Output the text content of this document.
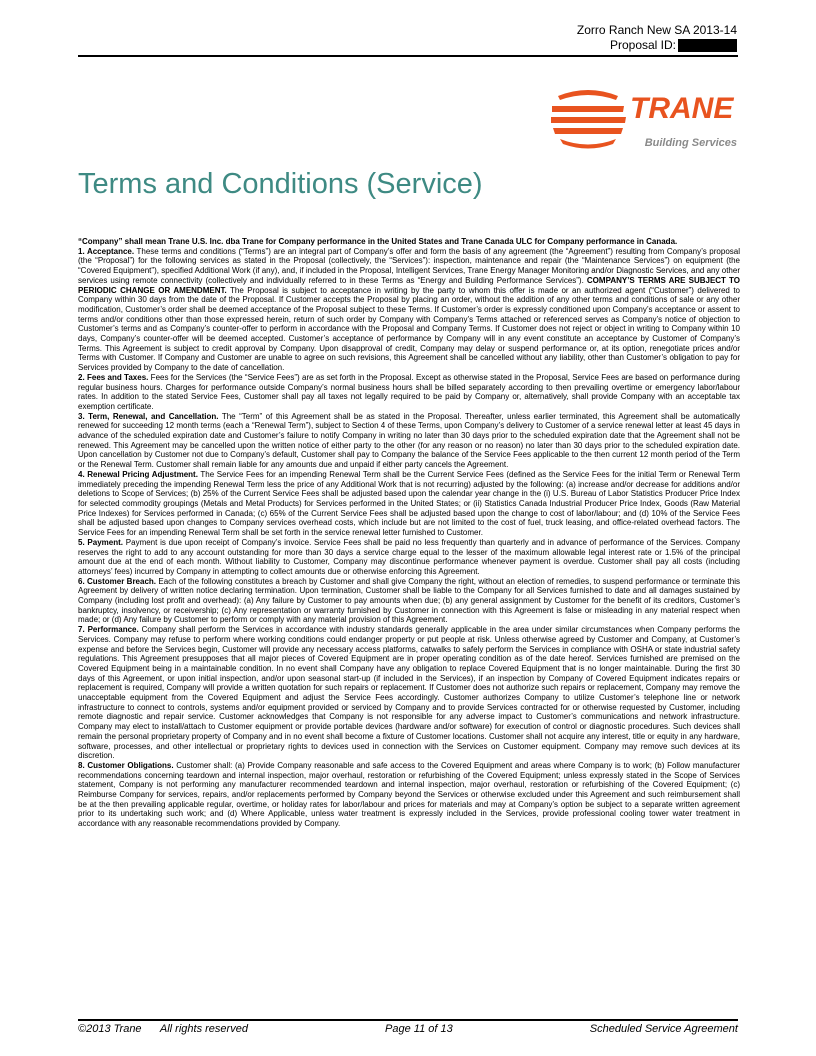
Zorro Ranch New SA 2013-14
Proposal ID:
TRANE
Building Services
Terms and Conditions (Service)

“Company” shall mean Trane U.S. Inc. dba Trane for Company performance in the United States and Trane Canada ULC for Company performance in Canada.

1. Acceptance. These terms and conditions (“Terms”) are an integral part of Company’s offer and form the basis of any agreement (the “Agreement”) resulting from Company’s proposal (the “Proposal”) for the following services as stated in the Proposal (collectively, the “Services”): inspection, maintenance and repair (the “Maintenance Services”) on equipment (the “Covered Equipment”), specified Additional Work (if any), and, if included in the Proposal, Intelligent Services, Trane Energy Manager Monitoring and/or Diagnostic Services, and any other services using remote connectivity (collectively and individually referred to in these Terms as “Energy and Building Performance Services”). COMPANY’S TERMS ARE SUBJECT TO PERIODIC CHANGE OR AMENDMENT. The Proposal is subject to acceptance in writing by the party to whom this offer is made or an authorized agent (“Customer”) delivered to Company within 30 days from the date of the Proposal. If Customer accepts the Proposal by placing an order, without the addition of any other terms and conditions of sale or any other modification, Customer’s order shall be deemed acceptance of the Proposal subject to these Terms. If Customer’s order is expressly conditioned upon Company’s acceptance or assent to terms and/or conditions other than those expressed herein, return of such order by Company with Company’s Terms attached or referenced serves as Company’s notice of objection to Customer’s terms and as Company’s counter-offer to perform in accordance with the Proposal and Company Terms. If Customer does not reject or object in writing to Company within 10 days, Company’s counter-offer will be deemed accepted. Customer’s acceptance of performance by Company will in any event constitute an acceptance by Customer of Company’s Terms. This Agreement is subject to credit approval by Company. Upon disapproval of credit, Company may delay or suspend performance or, at its option, renegotiate prices and/or Terms with Customer. If Company and Customer are unable to agree on such revisions, this Agreement shall be cancelled without any liability, other than Customer’s obligation to pay for Services provided by Company to the date of cancellation.

2. Fees and Taxes. Fees for the Services (the “Service Fees”) are as set forth in the Proposal. Except as otherwise stated in the Proposal, Service Fees are based on performance during regular business hours. Charges for performance outside Company’s normal business hours shall be billed separately according to then prevailing overtime or emergency labor/labour rates. In addition to the stated Service Fees, Customer shall pay all taxes not legally required to be paid by Company or, alternatively, shall provide Company with an acceptable tax exemption certificate.

3. Term, Renewal, and Cancellation. The “Term” of this Agreement shall be as stated in the Proposal. Thereafter, unless earlier terminated, this Agreement shall be automatically renewed for succeeding 12 month terms (each a “Renewal Term”), subject to Section 4 of these Terms, upon Company’s delivery to Customer of a service renewal letter at least 45 days in advance of the scheduled expiration date and Customer’s failure to notify Company in writing no later than 30 days prior to the scheduled expiration date that the Agreement shall not be renewed. This Agreement may be cancelled upon the written notice of either party to the other (for any reason or no reason) no later than 30 days prior to the scheduled expiration date. Upon cancellation by Customer not due to Company’s default, Customer shall pay to Company the balance of the Service Fees applicable to the then current 12 month period of the Term or the Renewal Term. Customer shall remain liable for any amounts due and unpaid if either party cancels the Agreement.

4. Renewal Pricing Adjustment. The Service Fees for an impending Renewal Term shall be the Current Service Fees (defined as the Service Fees for the initial Term or Renewal Term immediately preceding the impending Renewal Term less the price of any Additional Work that is not recurring) adjusted by the following: (a) increase and/or decrease for additions and/or deletions to Scope of Services; (b) 25% of the Current Service Fees shall be adjusted based upon the calendar year change in the (i) U.S. Bureau of Labor Statistics Producer Price Index for selected commodity groupings (Metals and Metal Products) for Services performed in the United States; or (ii) Statistics Canada Industrial Producer Price Index, Goods (Raw Material Price Indexes) for Services performed in Canada; (c) 65% of the Current Service Fees shall be adjusted based upon the change to cost of labor/labour; and (d) 10% of the Service Fees shall be adjusted based upon changes to Company services overhead costs, which include but are not limited to the cost of fuel, truck leasing, and office-related overhead factors. The Service Fees for an impending Renewal Term shall be set forth in the service renewal letter furnished to Customer.

5. Payment. Payment is due upon receipt of Company’s invoice. Service Fees shall be paid no less frequently than quarterly and in advance of performance of the Services. Company reserves the right to add to any account outstanding for more than 30 days a service charge equal to the lesser of the maximum allowable legal interest rate or 1.5% of the principal amount due at the end of each month. Without liability to Customer, Company may discontinue performance whenever payment is overdue. Customer shall pay all costs (including attorneys’ fees) incurred by Company in attempting to collect amounts due or otherwise enforcing this Agreement.

6. Customer Breach. Each of the following constitutes a breach by Customer and shall give Company the right, without an election of remedies, to suspend performance or terminate this Agreement by delivery of written notice declaring termination. Upon termination, Customer shall be liable to the Company for all Services furnished to date and all damages sustained by Company (including lost profit and overhead): (a) Any failure by Customer to pay amounts when due; (b) any general assignment by Customer for the benefit of its creditors, Customer’s bankruptcy, insolvency, or receivership; (c) Any representation or warranty furnished by Customer in connection with this Agreement is false or misleading in any material respect when made; or (d) Any failure by Customer to perform or comply with any material provision of this Agreement.

7. Performance. Company shall perform the Services in accordance with industry standards generally applicable in the area under similar circumstances when Company performs the Services. Company may refuse to perform where working conditions could endanger property or put people at risk. Unless otherwise agreed by Customer and Company, at Customer’s expense and before the Services begin, Customer will provide any necessary access platforms, catwalks to safely perform the Services in compliance with OSHA or state industrial safety regulations. This Agreement presupposes that all major pieces of Covered Equipment are in proper operating condition as of the date hereof. Services furnished are premised on the Covered Equipment being in a maintainable condition. In no event shall Company have any obligation to replace Covered Equipment that is no longer maintainable. During the first 30 days of this Agreement, or upon initial inspection, and/or upon seasonal start-up (if included in the Services), if an inspection by Company of Covered Equipment indicates repairs or replacement is required, Company will provide a written quotation for such repairs or replacement. If Customer does not authorize such repairs or replacement, Company may remove the unacceptable equipment from the Covered Equipment and adjust the Service Fees accordingly. Customer authorizes Company to utilize Customer’s telephone line or network infrastructure to connect to controls, systems and/or equipment provided or serviced by Company and to provide Services contracted for or otherwise requested by Customer, including remote diagnostic and repair service. Customer acknowledges that Company is not responsible for any adverse impact to Customer’s communications and network infrastructure. Company may elect to install/attach to Customer equipment or provide portable devices (hardware and/or software) for execution of control or diagnostic procedures. Such devices shall remain the personal proprietary property of Company and in no event shall become a fixture of Customer locations. Customer shall not acquire any interest, title or equity in any hardware, software, processes, and other intellectual or proprietary rights to devices used in connection with the Services on Customer equipment. Company may remove such devices at its discretion.

8. Customer Obligations. Customer shall: (a) Provide Company reasonable and safe access to the Covered Equipment and areas where Company is to work; (b) Follow manufacturer recommendations concerning teardown and internal inspection, major overhaul, restoration or refurbishing of the Covered Equipment; unless expressly stated in the Scope of Services statement, Company is not performing any manufacturer recommended teardown and internal inspection, major overhaul, restoration or refurbishing of the Covered Equipment; (c) Reimburse Company for services, repairs, and/or replacements performed by Company beyond the Services or otherwise excluded under this Agreement and such reimbursement shall be at the then prevailing applicable regular, overtime, or holiday rates for labor/labour and prices for materials and may at Company’s option be subject to a separate written agreement prior to its undertaking such work; and (d) Where Applicable, unless water treatment is expressly included in the Services, provide professional cooling tower water treatment in accordance with any reasonable recommendations provided by Company.

©2013 Trane All rights reserved	Page 11 of 13	Scheduled Service Agreement
